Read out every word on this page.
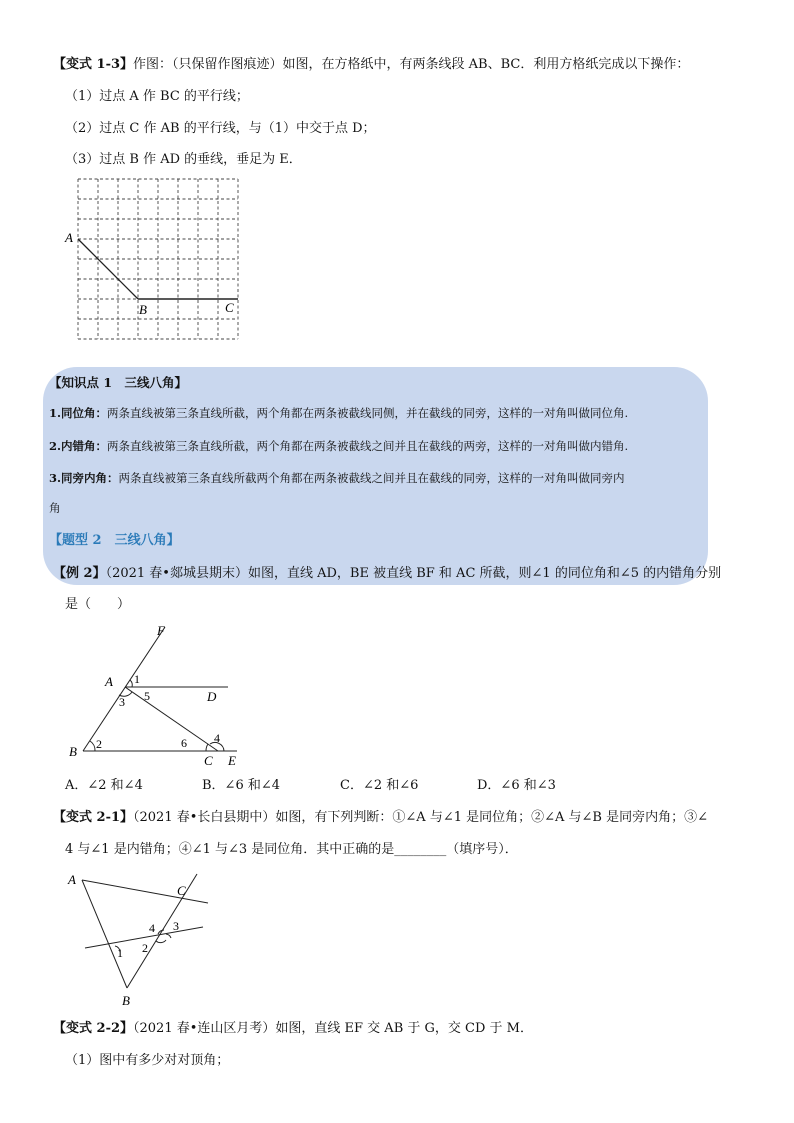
【变式 1-3】作图：（只保留作图痕迹）如图，在方格纸中，有两条线段 AB、BC．利用方格纸完成以下操作：
（1）过点 A 作 BC 的平行线；
（2）过点 C 作 AB 的平行线，与（1）中交于点 D；
（3）过点 B 作 AD 的垂线，垂足为 E．
A
B	C
【知识点 1　三线八角】
1.同位角：两条直线被第三条直线所截，两个角都在两条被截线同侧，并在截线的同旁，这样的一对角叫做同位角.
2.内错角：两条直线被第三条直线所截，两个角都在两条被截线之间并且在截线的两旁，这样的一对角叫做内错角.
3.同旁内角：两条直线被第三条直线所截两个角都在两条被截线之间并且在截线的同旁，这样的一对角叫做同旁内
角
【题型 2　三线八角】
【例 2】（2021 春•郯城县期末）如图，直线 AD，BE 被直线 BF 和 AC 所截，则∠1 的同位角和∠5 的内错角分别
是（　　）
F
A
D
B
C E
1
5
3
2	6 4
A．∠2 和∠4	B．∠6 和∠4	C．∠2 和∠6	D．∠6 和∠3
【变式 2-1】（2021 春•长白县期中）如图，有下列判断：①∠A 与∠1 是同位角；②∠A 与∠B 是同旁内角；③∠
4 与∠1 是内错角；④∠1 与∠3 是同位角．其中正确的是________（填序号）．
A
C
B
1 2
4 3
【变式 2-2】（2021 春•连山区月考）如图，直线 EF 交 AB 于 G，交 CD 于 M．
（1）图中有多少对对顶角；
